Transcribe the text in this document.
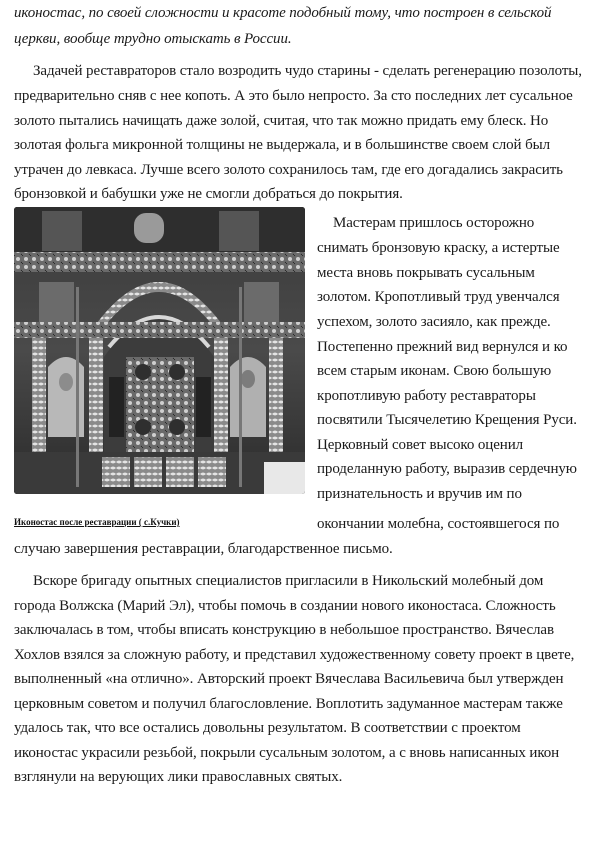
иконостас, по своей сложности и красоте подобный тому, что построен в сельской
церкви, вообще трудно отыскать в России.
Задачей реставраторов стало возродить чудо старины - сделать регенерацию позолоты,
предварительно сняв с нее копоть. А это было непросто. За сто последних лет сусальное
золото пытались начищать даже золой, считая, что так можно придать ему блеск. Но
золотая фольга микронной толщины не выдержала, и в большинстве своем слой был
утрачен до левкаса. Лучше всего золото сохранилось там, где его догадались закрасить
бронзовкой и бабушки уже не смогли добраться до покрытия.
Мастерам пришлось осторожно
снимать бронзовую краску, а истертые
места вновь покрывать сусальным
золотом. Кропотливый труд увенчался
успехом, золото засияло, как прежде.
Постепенно прежний вид вернулся и ко
всем старым иконам. Свою большую
кропотливую работу реставраторы
посвятили Тысячелетию Крещения Руси.
Церковный совет высоко оценил
проделанную работу, выразив сердечную
признательность и вручив им по
окончании молебна, состоявшегося по
случаю завершения реставрации, благодарственное письмо.
Иконостас после реставрации ( с.Кучки)
Вскоре бригаду опытных специалистов пригласили в Никольский молебный дом
города Волжска (Марий Эл), чтобы помочь в создании нового иконостаса. Сложность
заключалась в том, чтобы вписать конструкцию в небольшое пространство. Вячеслав
Хохлов взялся за сложную работу, и представил художественному совету проект в цвете,
выполненный «на отлично». Авторский проект Вячеслава Васильевича был утвержден
церковным советом и получил благословление. Воплотить задуманное мастерам также
удалось так, что все остались довольны результатом. В соответствии с проектом
иконостас украсили резьбой, покрыли сусальным золотом, а с вновь написанных икон
взглянули на верующих лики православных святых.
